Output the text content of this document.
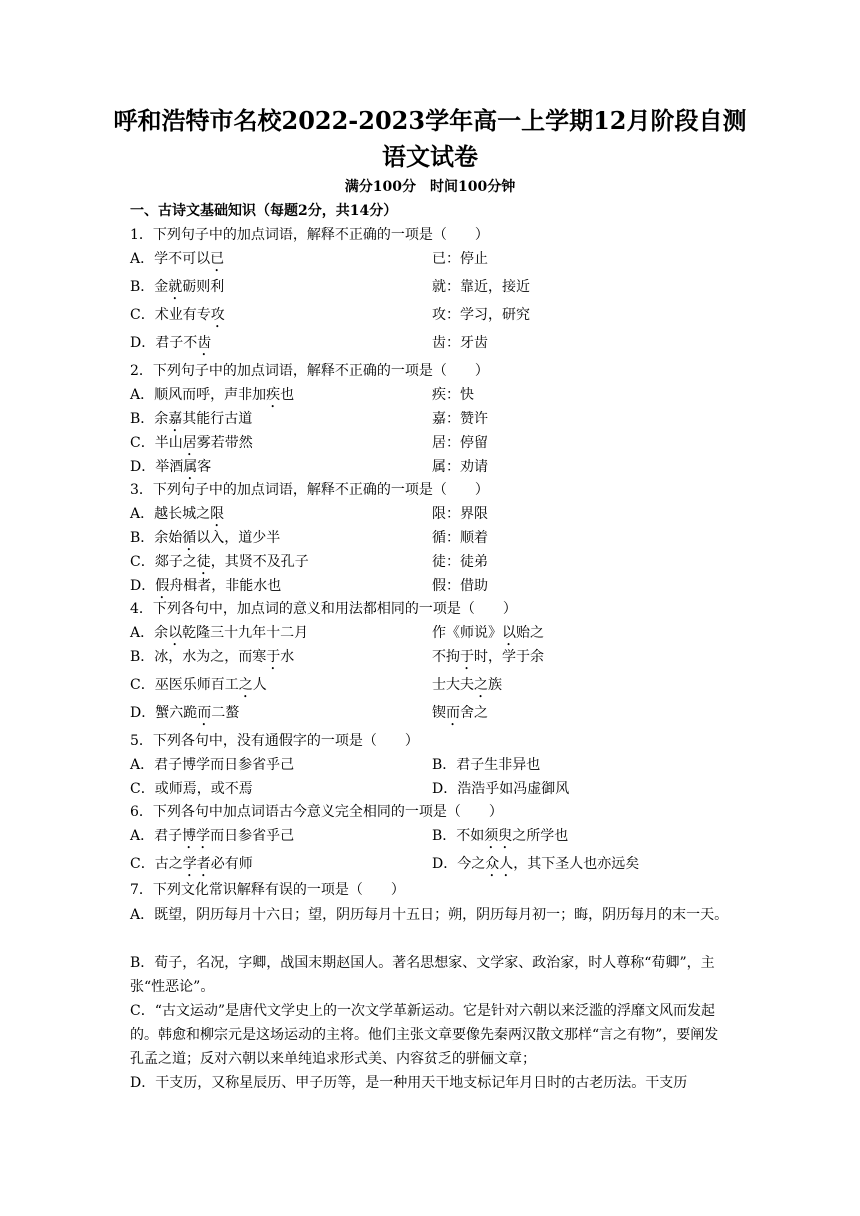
呼和浩特市名校2022-2023学年高一上学期12月阶段自测
语文试卷
满分100分　时间100分钟
一、古诗文基础知识（每题2分，共14分）
1．下列句子中的加点词语，解释不正确的一项是（　　）
A．学不可以已	已：停止
B．金就砺则利	就：靠近，接近
C．术业有专攻	攻：学习，研究
D．君子不齿	齿：牙齿
2．下列句子中的加点词语，解释不正确的一项是（　　）
A．顺风而呼，声非加疾也	疾：快
B．余嘉其能行古道	嘉：赞许
C．半山居雾若带然	居：停留
D．举酒属客	属：劝请
3．下列句子中的加点词语，解释不正确的一项是（　　）
A．越长城之限	限：界限
B．余始循以入，道少半	循：顺着
C．郯子之徒，其贤不及孔子	徒：徒弟
D．假舟楫者，非能水也	假：借助
4．下列各句中，加点词的意义和用法都相同的一项是（　　）
A．余以乾隆三十九年十二月	作《师说》以贻之
B．冰，水为之，而寒于水	不拘于时，学于余
C．巫医乐师百工之人	士大夫之族
D．蟹六跪而二螯	锲而舍之
5．下列各句中，没有通假字的一项是（　　）
A．君子博学而日参省乎己	B．君子生非异也
C．或师焉，或不焉	D．浩浩乎如冯虚御风
6．下列各句中加点词语古今意义完全相同的一项是（　　）
A．君子博学而日参省乎己	B．不如须臾之所学也
C．古之学者必有师	D．今之众人，其下圣人也亦远矣
7．下列文化常识解释有误的一项是（　　）
A．既望，阴历每月十六日；望，阴历每月十五日；朔，阴历每月初一；晦，阴历每月的末一天。
B．荀子，名况，字卿，战国末期赵国人。著名思想家、文学家、政治家，时人尊称“荀卿”，主张“性恶论”。
C．“古文运动”是唐代文学史上的一次文学革新运动。它是针对六朝以来泛滥的浮靡文风而发起的。韩愈和柳宗元是这场运动的主将。他们主张文章要像先秦两汉散文那样“言之有物”，要阐发孔孟之道；反对六朝以来单纯追求形式美、内容贫乏的骈俪文章；
D．干支历，又称星辰历、甲子历等，是一种用天干地支标记年月日时的古老历法。干支历
